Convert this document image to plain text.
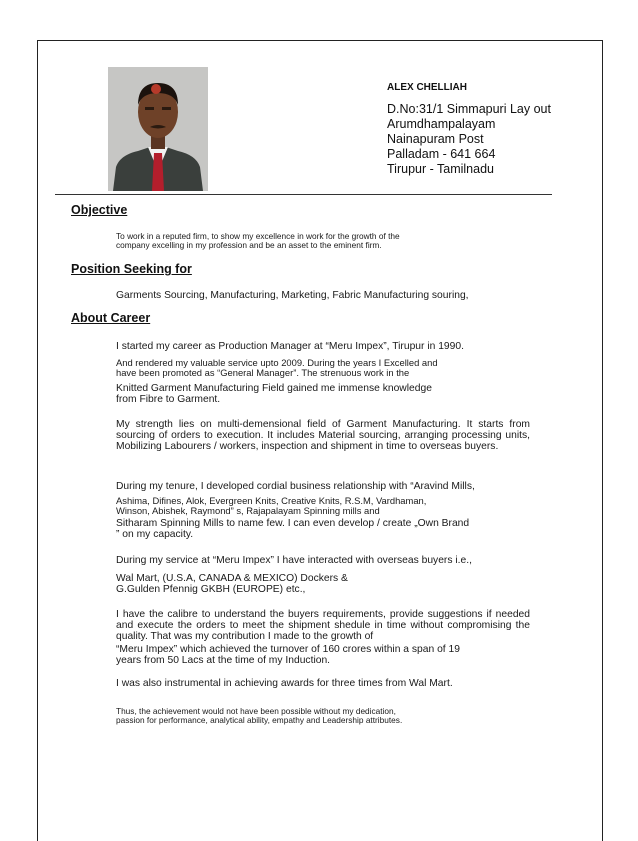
ALEX CHELLIAH
D.No:31/1 Simmapuri Lay out
Arumdhampalayam
Nainapuram Post
Palladam - 641 664
Tirupur - Tamilnadu
Objective
To work in a reputed firm, to show my excellence in work for the growth of the
company excelling in my profession and be an asset to the eminent firm.
Position Seeking for
Garments Sourcing, Manufacturing, Marketing, Fabric Manufacturing souring,
About Career
I started my career as Production Manager at “Meru Impex”, Tirupur in 1990.
And rendered my valuable service upto 2009. During the years I Excelled and
have been promoted as “General Manager”. The strenuous work in the
Knitted Garment Manufacturing Field gained me immense knowledge
from Fibre to Garment.
My strength lies on multi-demensional field of Garment Manufacturing. It starts from sourcing of orders to execution. It includes Material sourcing, arranging processing units, Mobilizing Labourers / workers, inspection and shipment in time to overseas buyers.
During my tenure, I developed cordial business relationship with “Aravind Mills,
Ashima, Difines, Alok, Evergreen Knits, Creative Knits, R.S.M, Vardhaman,
Winson, Abishek, Raymond” s, Rajapalayam Spinning mills and
Sitharam Spinning Mills to name few. I can even develop / create „Own Brand
” on my capacity.
During my service at “Meru Impex” I have interacted with overseas buyers i.e.,
Wal Mart, (U.S.A, CANADA & MEXICO) Dockers &
G.Gulden Pfennig GKBH (EUROPE) etc.,
I have the calibre to understand the buyers requirements, provide suggestions if needed and execute the orders to meet the shipment shedule in time without compromising the quality. That was my contribution I made to the growth of
“Meru Impex” which achieved the turnover of 160 crores within a span of 19
years from 50 Lacs at the time of my Induction.
I was also instrumental in achieving awards for three times from Wal Mart.
Thus, the achievement would not have been possible without my dedication,
passion for performance, analytical ability, empathy and Leadership attributes.
